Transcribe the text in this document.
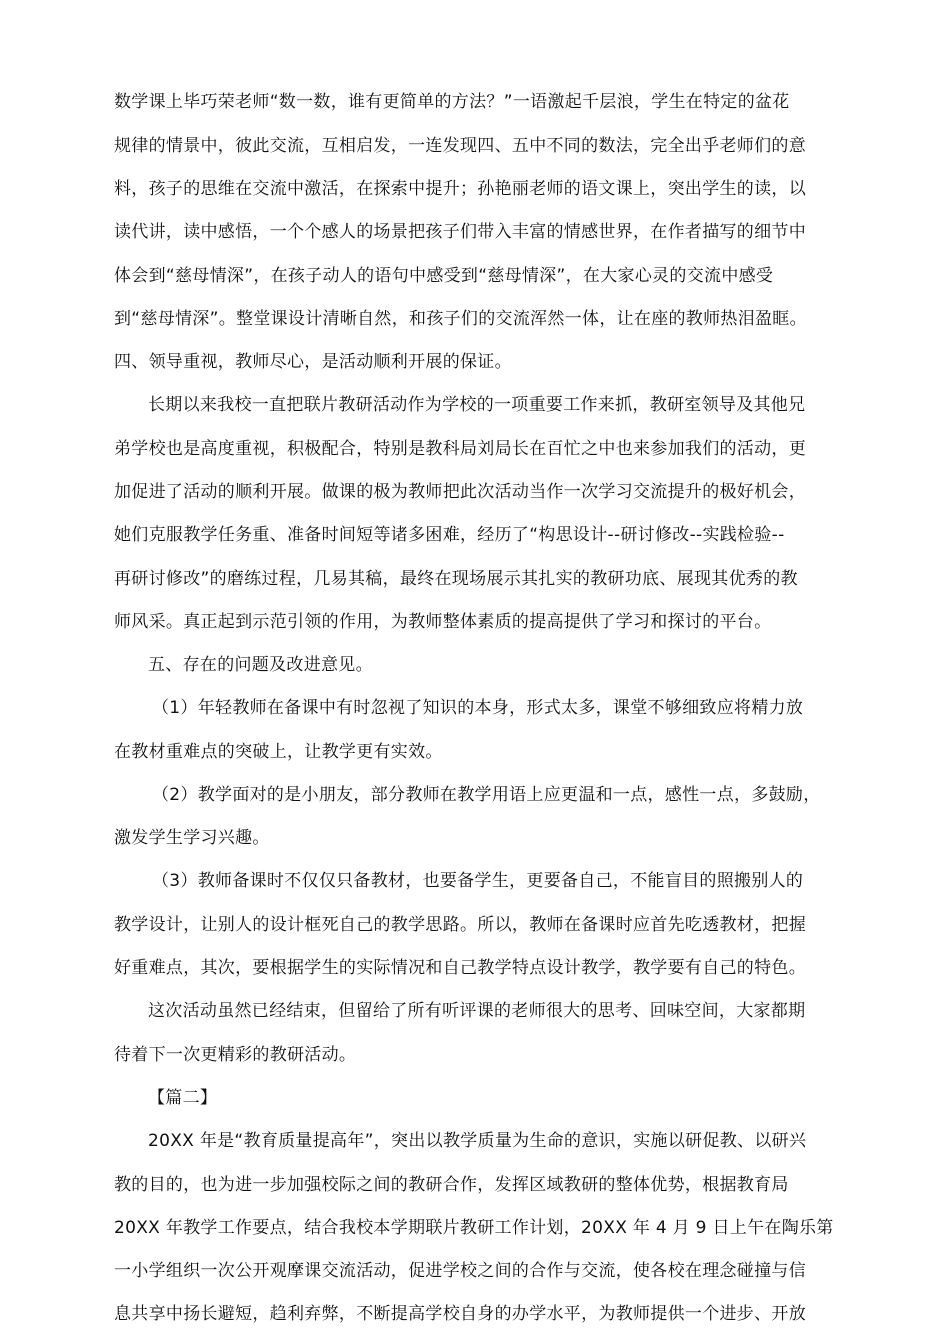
数学课上毕巧荣老师“数一数，谁有更简单的方法？”一语激起千层浪，学生在特定的盆花
规律的情景中，彼此交流，互相启发，一连发现四、五中不同的数法，完全出乎老师们的意
料，孩子的思维在交流中激活，在探索中提升；孙艳丽老师的语文课上，突出学生的读，以
读代讲，读中感悟，一个个感人的场景把孩子们带入丰富的情感世界，在作者描写的细节中
体会到“慈母情深”，在孩子动人的语句中感受到“慈母情深”，在大家心灵的交流中感受
到“慈母情深”。整堂课设计清晰自然，和孩子们的交流浑然一体，让在座的教师热泪盈眶。
四、领导重视，教师尽心，是活动顺利开展的保证。
长期以来我校一直把联片教研活动作为学校的一项重要工作来抓，教研室领导及其他兄
弟学校也是高度重视，积极配合，特别是教科局刘局长在百忙之中也来参加我们的活动，更
加促进了活动的顺利开展。做课的极为教师把此次活动当作一次学习交流提升的极好机会，
她们克服教学任务重、准备时间短等诸多困难，经历了“构思设计--研讨修改--实践检验--
再研讨修改”的磨练过程，几易其稿，最终在现场展示其扎实的教研功底、展现其优秀的教
师风采。真正起到示范引领的作用，为教师整体素质的提高提供了学习和探讨的平台。
五、存在的问题及改进意见。
（1）年轻教师在备课中有时忽视了知识的本身，形式太多，课堂不够细致应将精力放
在教材重难点的突破上，让教学更有实效。
（2）教学面对的是小朋友，部分教师在教学用语上应更温和一点，感性一点，多鼓励，
激发学生学习兴趣。
（3）教师备课时不仅仅只备教材，也要备学生，更要备自己，不能盲目的照搬别人的
教学设计，让别人的设计框死自己的教学思路。所以，教师在备课时应首先吃透教材，把握
好重难点，其次，要根据学生的实际情况和自己教学特点设计教学，教学要有自己的特色。
这次活动虽然已经结束，但留给了所有听评课的老师很大的思考、回味空间，大家都期
待着下一次更精彩的教研活动。
【篇二】
20XX 年是“教育质量提高年”，突出以教学质量为生命的意识，实施以研促教、以研兴
教的目的，也为进一步加强校际之间的教研合作，发挥区域教研的整体优势，根据教育局
20XX 年教学工作要点，结合我校本学期联片教研工作计划，20XX 年 4 月 9 日上午在陶乐第
一小学组织一次公开观摩课交流活动，促进学校之间的合作与交流，使各校在理念碰撞与信
息共享中扬长避短，趋利弃弊，不断提高学校自身的办学水平，为教师提供一个进步、开放
